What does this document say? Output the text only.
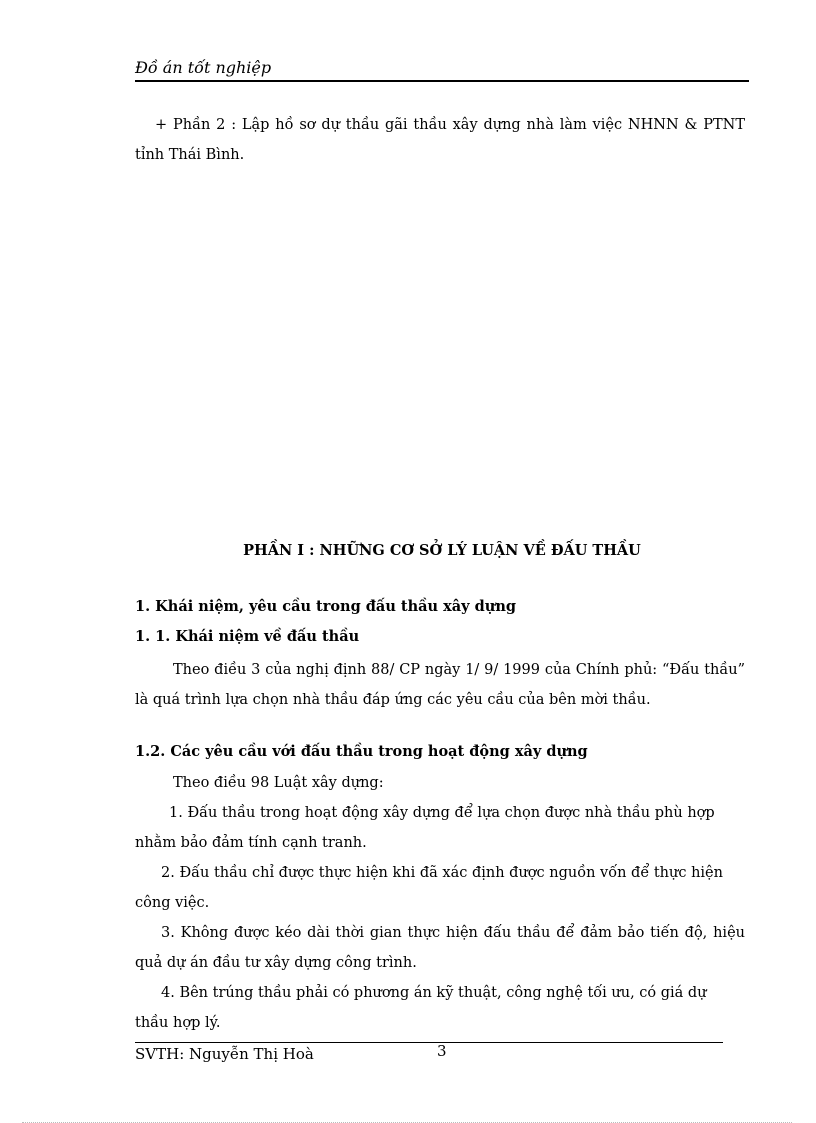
Đồ án tốt nghiệp
+ Phần 2 : Lập hồ sơ dự thầu gãi thầu xây dựng nhà làm việc NHNN & PTNT tỉnh Thái Bình.
PHẦN I : NHỮNG CƠ SỞ LÝ LUẬN VỀ ĐẤU THẦU
1. Khái niệm, yêu cầu trong đấu thầu xây dựng
1. 1. Khái niệm về đấu thầu
Theo điều 3 của nghị định 88/ CP ngày 1/ 9/ 1999 của Chính phủ: “Đấu thầu” là quá trình lựa chọn nhà thầu đáp ứng các yêu cầu của bên mời thầu.
1.2. Các yêu cầu với đấu thầu trong hoạt động xây dựng
Theo điều 98 Luật xây dựng:
1. Đấu thầu trong hoạt động xây dựng để lựa chọn được nhà thầu phù hợp nhằm bảo đảm tính cạnh tranh.
2. Đấu thầu chỉ được thực hiện khi đã xác định được nguồn vốn để thực hiện công việc.
3. Không được kéo dài thời gian thực hiện đấu thầu để đảm bảo tiến độ, hiệu quả dự án đầu tư xây dựng công trình.
4. Bên trúng thầu phải có phương án kỹ thuật, công nghệ tối ưu, có giá dự thầu hợp lý.
SVTH: Nguyễn Thị Hoà	3
